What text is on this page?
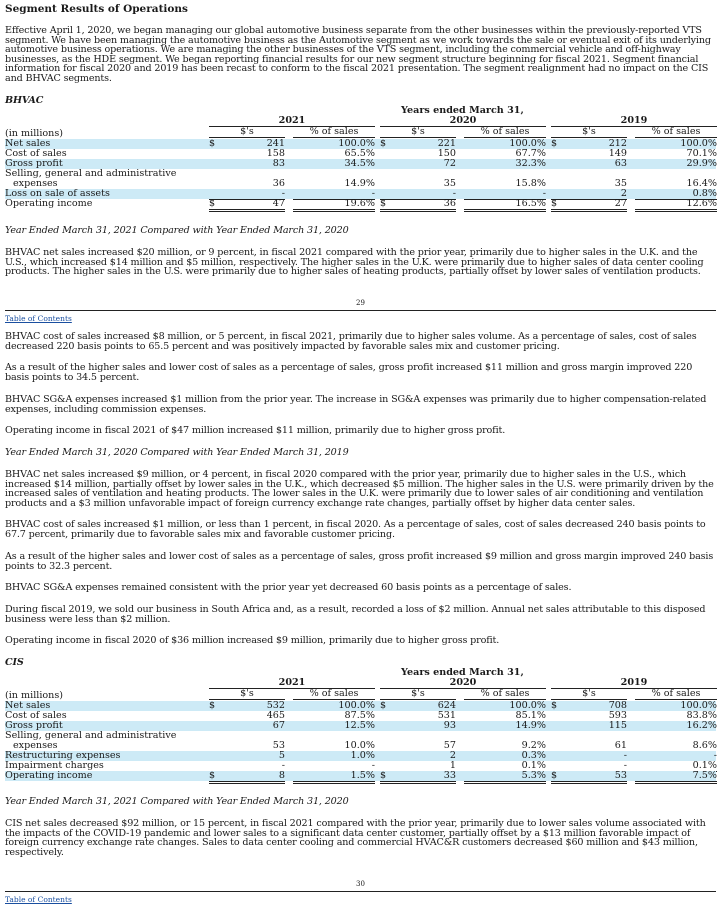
Segment Results of Operations

Effective April 1, 2020, we began managing our global automotive business separate from the other businesses within the previously-reported VTS segment. We have been managing the automotive business as the Automotive segment as we work towards the sale or eventual exit of its underlying automotive business operations. We are managing the other businesses of the VTS segment, including the commercial vehicle and off-highway businesses, as the HDE segment. We began reporting financial results for our new segment structure beginning for fiscal 2021. Segment financial information for fiscal 2020 and 2019 has been recast to conform to the fiscal 2021 presentation. The segment realignment had no impact on the CIS and BHVAC segments.

BHVAC
Years ended March 31,
2021
$'s	% of sales
2020
$'s	% of sales
2019
$'s	% of sales
(in millions)
Net sales	$	241	100.0% $	221	100.0% $	212	100.0%
Cost of sales	158	65.5%	150	67.7%	149	70.1%
Gross profit	83	34.5%	72	32.3%	63	29.9%
Selling, general and administrative
expenses	36	14.9%	35	15.8%	35	16.4%
Loss on sale of assets	-	-	-	-	2	0.8%
Operating income	$	47	19.6% $	36	16.5% $	27	12.6%
Year Ended March 31, 2021 Compared with Year Ended March 31, 2020

BHVAC net sales increased $20 million, or 9 percent, in fiscal 2021 compared with the prior year, primarily due to higher sales in the U.K. and the U.S., which increased $14 million and $5 million, respectively. The higher sales in the U.K. were primarily due to higher sales of data center cooling products. The higher sales in the U.S. were primarily due to higher sales of heating products, partially offset by lower sales of ventilation products.

29
Table of Contents

BHVAC cost of sales increased $8 million, or 5 percent, in fiscal 2021, primarily due to higher sales volume. As a percentage of sales, cost of sales decreased 220 basis points to 65.5 percent and was positively impacted by favorable sales mix and customer pricing.

As a result of the higher sales and lower cost of sales as a percentage of sales, gross profit increased $11 million and gross margin improved 220 basis points to 34.5 percent.

BHVAC SG&A expenses increased $1 million from the prior year. The increase in SG&A expenses was primarily due to higher compensation-related expenses, including commission expenses.

Operating income in fiscal 2021 of $47 million increased $11 million, primarily due to higher gross profit.

Year Ended March 31, 2020 Compared with Year Ended March 31, 2019

BHVAC net sales increased $9 million, or 4 percent, in fiscal 2020 compared with the prior year, primarily due to higher sales in the U.S., which increased $14 million, partially offset by lower sales in the U.K., which decreased $5 million. The higher sales in the U.S. were primarily driven by the increased sales of ventilation and heating products. The lower sales in the U.K. were primarily due to lower sales of air conditioning and ventilation products and a $3 million unfavorable impact of foreign currency exchange rate changes, partially offset by higher data center sales.

BHVAC cost of sales increased $1 million, or less than 1 percent, in fiscal 2020. As a percentage of sales, cost of sales decreased 240 basis points to 67.7 percent, primarily due to favorable sales mix and favorable customer pricing.

As a result of the higher sales and lower cost of sales as a percentage of sales, gross profit increased $9 million and gross margin improved 240 basis points to 32.3 percent.

BHVAC SG&A expenses remained consistent with the prior year yet decreased 60 basis points as a percentage of sales.

During fiscal 2019, we sold our business in South Africa and, as a result, recorded a loss of $2 million. Annual net sales attributable to this disposed business were less than $2 million.

Operating income in fiscal 2020 of $36 million increased $9 million, primarily due to higher gross profit.

CIS
Years ended March 31,
2021
$'s	% of sales
2020
$'s	% of sales
2019
$'s	% of sales
(in millions)
Net sales	$	532	100.0% $	624	100.0% $	708	100.0%
Cost of sales	465	87.5%	531	85.1%	593	83.8%
Gross profit	67	12.5%	93	14.9%	115	16.2%
Selling, general and administrative
expenses	53	10.0%	57	9.2%	61	8.6%
Restructuring expenses	5	1.0%	2	0.3%	-	-
Impairment charges	-	-	1	0.1%	-	0.1%
Operating income	$	8	1.5% $	33	5.3% $	53	7.5%
Year Ended March 31, 2021 Compared with Year Ended March 31, 2020

CIS net sales decreased $92 million, or 15 percent, in fiscal 2021 compared with the prior year, primarily due to lower sales volume associated with the impacts of the COVID-19 pandemic and lower sales to a significant data center customer, partially offset by a $13 million favorable impact of foreign currency exchange rate changes. Sales to data center cooling and commercial HVAC&R customers decreased $60 million and $43 million, respectively.

30
Table of Contents
